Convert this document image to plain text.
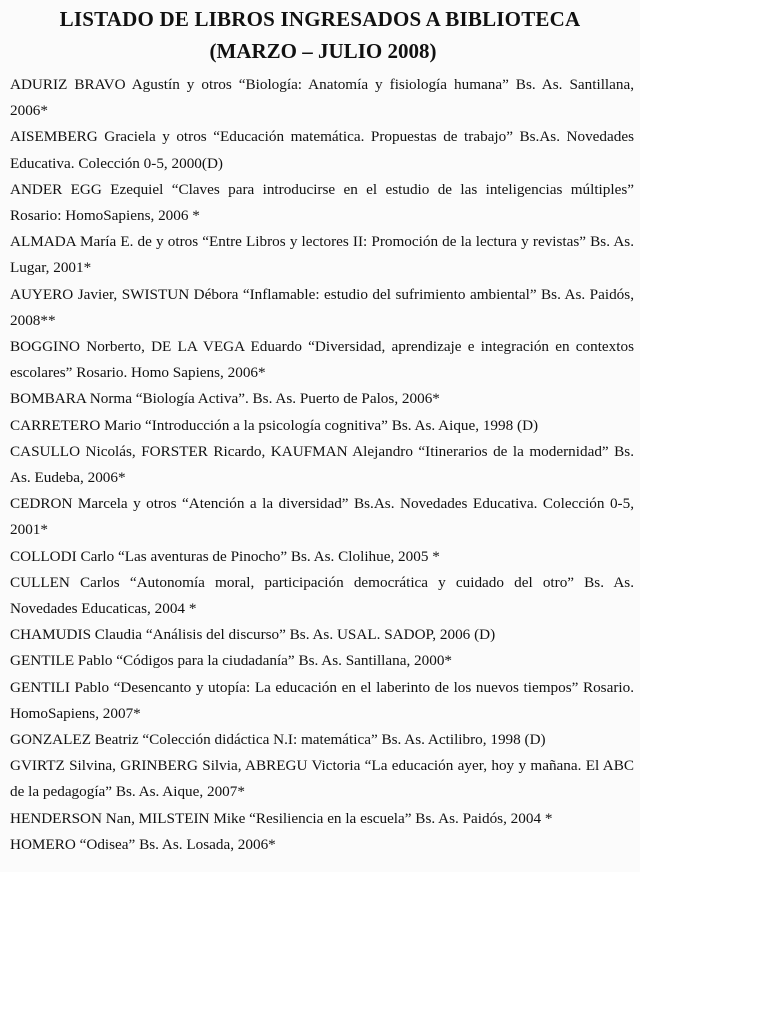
LISTADO DE LIBROS INGRESADOS A BIBLIOTECA
(MARZO – JULIO 2008)
ADURIZ BRAVO Agustín y otros “Biología: Anatomía y fisiología humana” Bs. As. Santillana, 2006*
AISEMBERG Graciela y otros “Educación matemática. Propuestas de trabajo” Bs.As. Novedades Educativa. Colección 0-5, 2000(D)
ANDER EGG Ezequiel “Claves para introducirse en el estudio de las inteligencias múltiples” Rosario: HomoSapiens, 2006 *
ALMADA María E. de y otros “Entre Libros y lectores II: Promoción de la lectura y revistas” Bs. As. Lugar, 2001*
AUYERO Javier, SWISTUN Débora “Inflamable: estudio del sufrimiento ambiental” Bs. As. Paidós, 2008**
BOGGINO Norberto, DE LA VEGA Eduardo “Diversidad, aprendizaje e integración en contextos escolares” Rosario. Homo Sapiens, 2006*
BOMBARA Norma “Biología Activa”. Bs. As. Puerto de Palos, 2006*
CARRETERO Mario “Introducción a la psicología cognitiva” Bs. As. Aique, 1998 (D)
CASULLO Nicolás, FORSTER Ricardo, KAUFMAN Alejandro “Itinerarios de la modernidad” Bs. As. Eudeba, 2006*
CEDRON Marcela y otros “Atención a la diversidad” Bs.As. Novedades Educativa. Colección 0-5, 2001*
COLLODI Carlo “Las aventuras de Pinocho” Bs. As. Clolihue, 2005 *
CULLEN Carlos “Autonomía moral, participación democrática y cuidado del otro” Bs. As. Novedades Educaticas, 2004 *
CHAMUDIS Claudia “Análisis del discurso” Bs. As. USAL. SADOP, 2006 (D)
GENTILE Pablo “Códigos para la ciudadanía” Bs. As. Santillana, 2000*
GENTILI Pablo “Desencanto y utopía: La educación en el laberinto de los nuevos tiempos” Rosario. HomoSapiens, 2007*
GONZALEZ Beatriz “Colección didáctica N.I: matemática” Bs. As. Actilibro, 1998 (D)
GVIRTZ Silvina, GRINBERG Silvia, ABREGU Victoria “La educación ayer, hoy y mañana. El ABC de la pedagogía” Bs. As. Aique, 2007*
HENDERSON Nan, MILSTEIN Mike “Resiliencia en la escuela” Bs. As. Paidós, 2004 *
HOMERO “Odisea” Bs. As. Losada, 2006*
